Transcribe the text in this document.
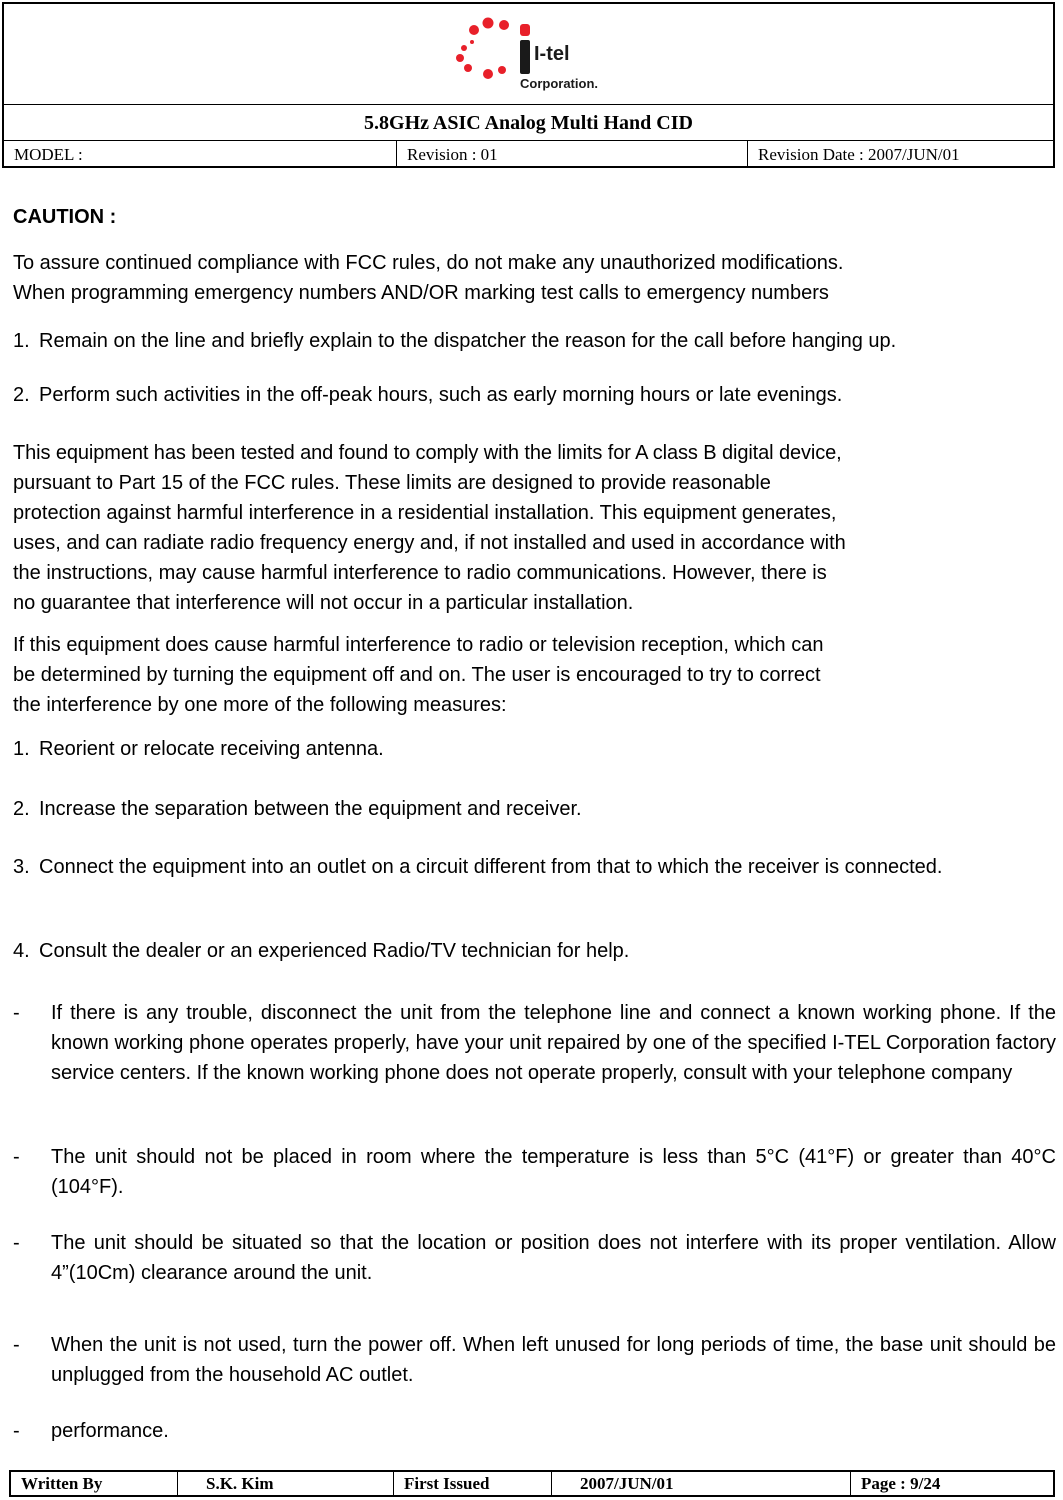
I-tel
Corporation.
5.8GHz ASIC Analog Multi Hand CID
MODEL :	Revision : 01	Revision Date : 2007/JUN/01
CAUTION :
To assure continued compliance with FCC rules, do not make any unauthorized modifications.
When programming emergency numbers AND/OR marking test calls to emergency numbers
1. Remain on the line and briefly explain to the dispatcher the reason for the call before hanging up.
2. Perform such activities in the off-peak hours, such as early morning hours or late evenings.
This equipment has been tested and found to comply with the limits for A class B digital device,
pursuant to Part 15 of the FCC rules. These limits are designed to provide reasonable
protection against harmful interference in a residential installation. This equipment generates,
uses, and can radiate radio frequency energy and, if not installed and used in accordance with
the instructions, may cause harmful interference to radio communications. However, there is
no guarantee that interference will not occur in a particular installation.
If this equipment does cause harmful interference to radio or television reception, which can
be determined by turning the equipment off and on. The user is encouraged to try to correct
the interference by one more of the following measures:
1. Reorient or relocate receiving antenna.
2. Increase the separation between the equipment and receiver.
3. Connect the equipment into an outlet on a circuit different from that to which the receiver is connected.
4. Consult the dealer or an experienced Radio/TV technician for help.
- If there is any trouble, disconnect the unit from the telephone line and connect a known working phone. If the known working phone operates properly, have your unit repaired by one of the specified I-TEL Corporation factory service centers. If the known working phone does not operate properly, consult with your telephone company
- The unit should not be placed in room where the temperature is less than 5°C (41°F) or greater than 40°C (104°F).
- The unit should be situated so that the location or position does not interfere with its proper ventilation. Allow 4”(10Cm) clearance around the unit.
- When the unit is not used, turn the power off. When left unused for long periods of time, the base unit should be unplugged from the household AC outlet.
- performance.
Written By	S.K. Kim	First Issued	2007/JUN/01	Page : 9/24
